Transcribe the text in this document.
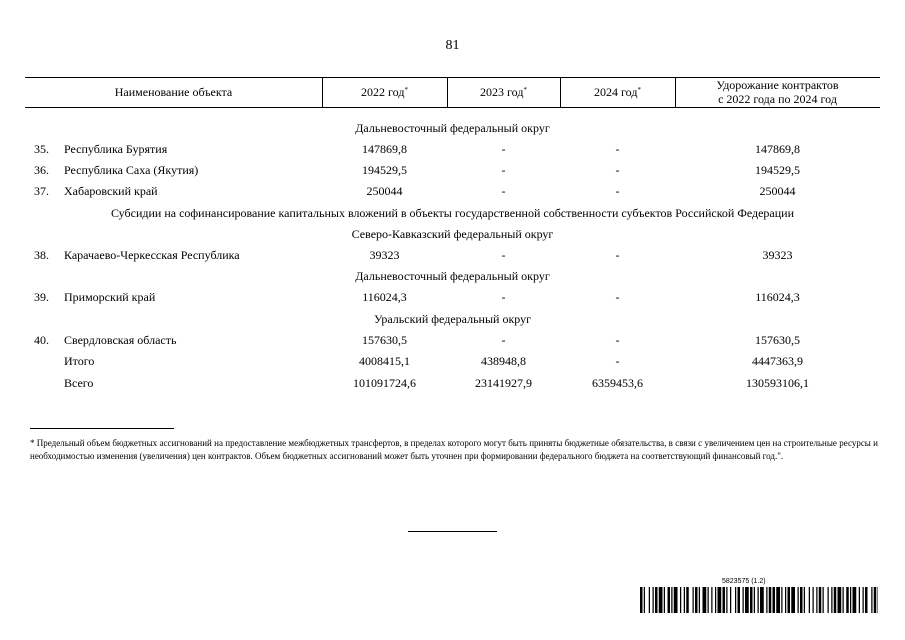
81
Наименование объекта	2022 год*	2023 год*	2024 год*	Удорожание контрактов
с 2022 года по 2024 год
Дальневосточный федеральный округ
35. Республика Бурятия	147869,8	-	-	147869,8
36. Республика Саха (Якутия)	194529,5	-	-	194529,5
37. Хабаровский край	250044	-	-	250044
Субсидии на софинансирование капитальных вложений в объекты государственной собственности субъектов Российской Федерации
Северо-Кавказский федеральный округ
38. Карачаево-Черкесская Республика	39323	-	-	39323
Дальневосточный федеральный округ
39. Приморский край	116024,3	-	-	116024,3
Уральский федеральный округ
40. Свердловская область	157630,5	-	-	157630,5
Итого	4008415,1	438948,8	-	4447363,9
Всего	101091724,6	23141927,9	6359453,6	130593106,1
* Предельный объем бюджетных ассигнований на предоставление межбюджетных трансфертов, в пределах которого могут быть приняты бюджетные обязательства, в связи с увеличением цен на строительные ресурсы и необходимостью изменения (увеличения) цен контрактов. Объем бюджетных ассигнований может быть уточнен при формировании федерального бюджета на соответствующий финансовый год.".
5823575 (1.2)
